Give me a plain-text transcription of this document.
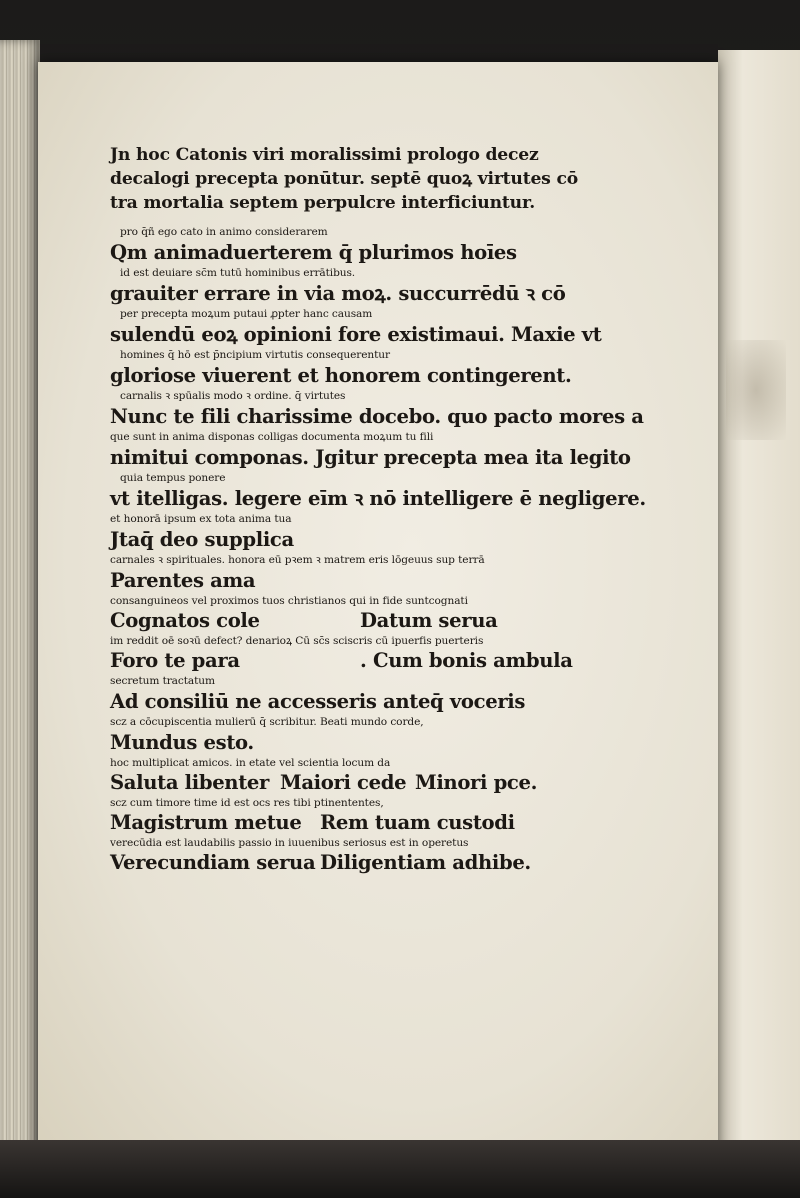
Jn hoc Catonis viri moralissimi prologo decez
decalogi precepta ponūtur. septē quoꝝ virtutes cō
tra mortalia septem perpulcre interficiuntur.
pro q̄ñ ego cato in animo considerarem
Qm animaduerterem q̄ plurimos hoīes
id est deuiare sc̄m tutū hominibus errātibus.
grauiter errare in via moꝝ. succurrēdū ꝛ cō
per precepta moꝝum putaui ꝓpter hanc causam
sulendū eoꝝ opinioni fore existimaui. Maxie vt
homines q̄ hō est p̄ncipium virtutis consequerentur
gloriose viuerent et honorem contingerent.
carnalis ꝛ spūalis modo ꝛ ordine. q̄ virtutes
Nunc te fili charissime docebo. quo pacto mores a
que sunt in anima disponas colligas documenta moꝝum tu fili
nimitui componas. Jgitur precepta mea ita legito
quia tempus ponere
vt itelligas. legere eīm ꝛ nō intelligere ē negligere.
et honorā ipsum ex tota anima tua
Jtaq̄ deo supplica
carnales ꝛ spirituales. honora eū pꝛem ꝛ matrem eris lōgeuus sup terrā
Parentes ama
consanguineos vel proximos tuos christianos qui in fide suntcognati
Cognatos cole	Datum serua
im reddit oē soꝛū defect? denarioꝝ Cū sc̄s sciscris cū ipuerfis puerteris
Foro te para	. Cum bonis ambula
secretum tractatum
Ad consiliū ne accesseris anteq̄ voceris
scz a cōcupiscentia mulierū q̄ scribitur. Beati mundo corde,
Mundus esto.
hoc multiplicat amicos. in etate vel scientia locum da
Saluta libenter Maiori cede Minori pce.
scz cum timore time id est ocs res tibi ptinententes,
Magistrum metue Rem tuam custodi
verecūdia est laudabilis passio in iuuenibus seriosus est in operetus
Verecundiam serua Diligentiam adhibe.
